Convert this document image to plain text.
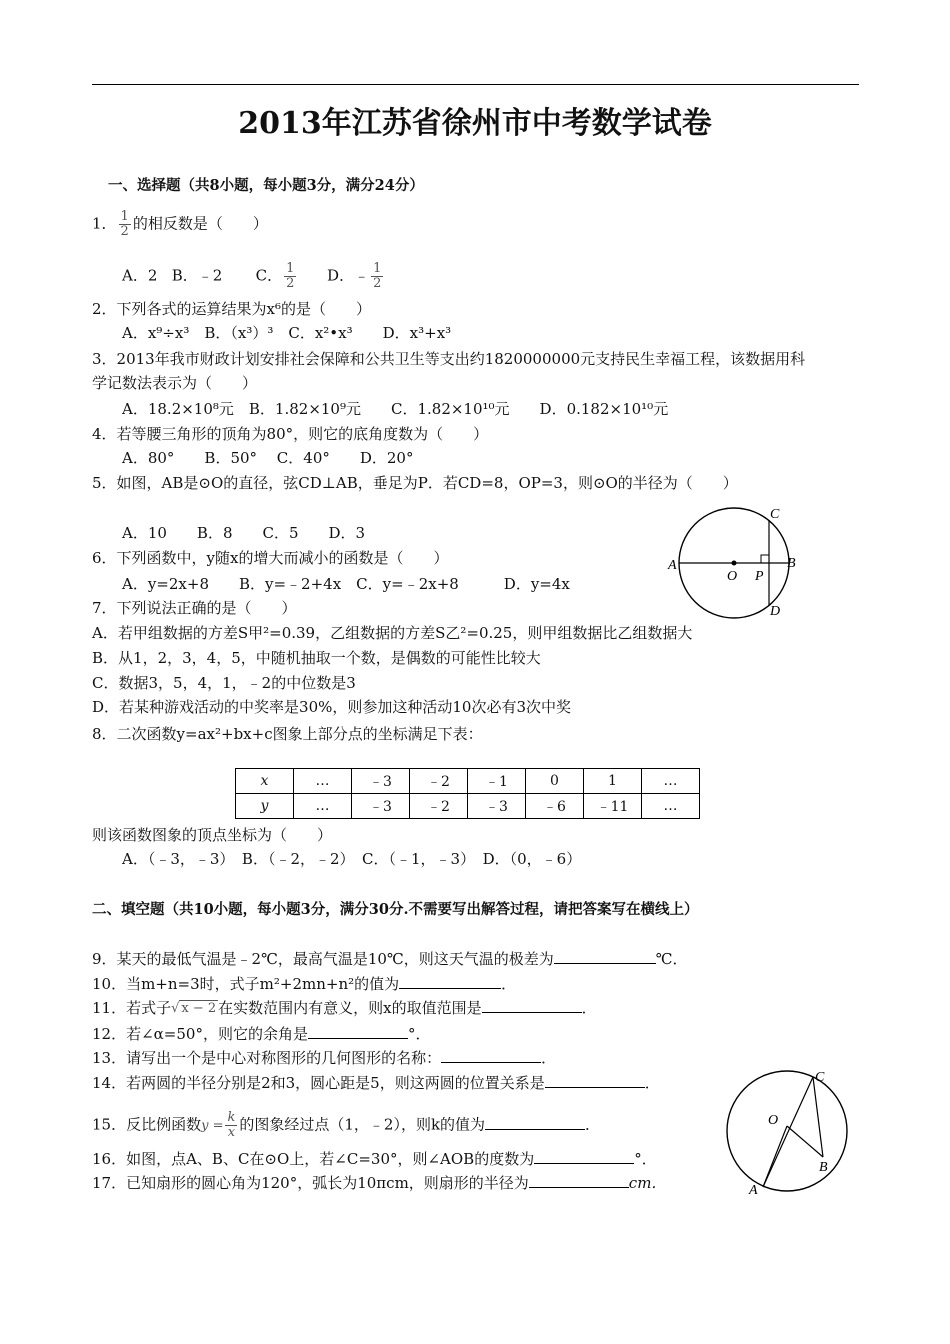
2013年江苏省徐州市中考数学试卷
一、选择题（共8小题，每小题3分，满分24分）
1． $\frac{1}{2}$ 的相反数是（　　）
A．2 B．﹣2 C． $\frac{1}{2}$ D．﹣ $\frac{1}{2}$
2．下列各式的运算结果为x⁶的是（　　）
A．x⁹÷x³　B．（x³）³　C．x²•x³　　D．x³+x³
3．2013年我市财政计划安排社会保障和公共卫生等支出约1820000000元支持民生幸福工程，该数据用科
学记数法表示为（　　）
A．18.2×10⁸元　B．1.82×10⁹元　　C．1.82×10¹⁰元　　D．0.182×10¹⁰元
4．若等腰三角形的顶角为80°，则它的底角度数为（　　）
A．80°　　B．50°　 C．40°　　D．20°
5．如图，AB是⊙O的直径，弦CD⊥AB，垂足为P．若CD=8，OP=3，则⊙O的半径为（　　）
A．10　　B．8　　C．5　　D．3
6．下列函数中，y随x的增大而减小的函数是（　　）
A．y=2x+8　　B．y=﹣2+4x　C．y=﹣2x+8　　　D．y=4x
7．下列说法正确的是（　　）
A．若甲组数据的方差S甲²=0.39，乙组数据的方差S乙²=0.25，则甲组数据比乙组数据大
B．从1，2，3，4，5，中随机抽取一个数，是偶数的可能性比较大
C．数据3，5，4，1，﹣2的中位数是3
D．若某种游戏活动的中奖率是30%，则参加这种活动10次必有3次中奖
8．二次函数y=ax²+bx+c图象上部分点的坐标满足下表：
x	…	﹣3	﹣2	﹣1	0	1	…
y	…	﹣3	﹣2	﹣3	﹣6	﹣11	…
则该函数图象的顶点坐标为（　　）
A．（﹣3，﹣3）　B．（﹣2，﹣2）　C．（﹣1，﹣3）　D．（0，﹣6）
A
O P
B
C
D
二、填空题（共10小题，每小题3分，满分30分.不需要写出解答过程，请把答案写在横线上）
9．某天的最低气温是﹣2℃，最高气温是10℃，则这天气温的极差为	℃．
10．当m+n=3时，式子m²+2mn+n²的值为	．
11．若式子√ x − 2 在实数范围内有意义，则x的取值范围是	．
12．若∠α=50°，则它的余角是	°．
13．请写出一个是中心对称图形的几何图形的名称：	．
14．若两圆的半径分别是2和3，圆心距是5，则这两圆的位置关系是	．
15．反比例函数$y = \frac{k}{x}$ 的图象经过点（1，﹣2），则k的值为	．
16．如图，点A、B、C在⊙O上，若∠C=30°，则∠AOB的度数为	°．
17．已知扇形的圆心角为120°，弧长为10πcm，则扇形的半径为	cm．
O
C
B
A
